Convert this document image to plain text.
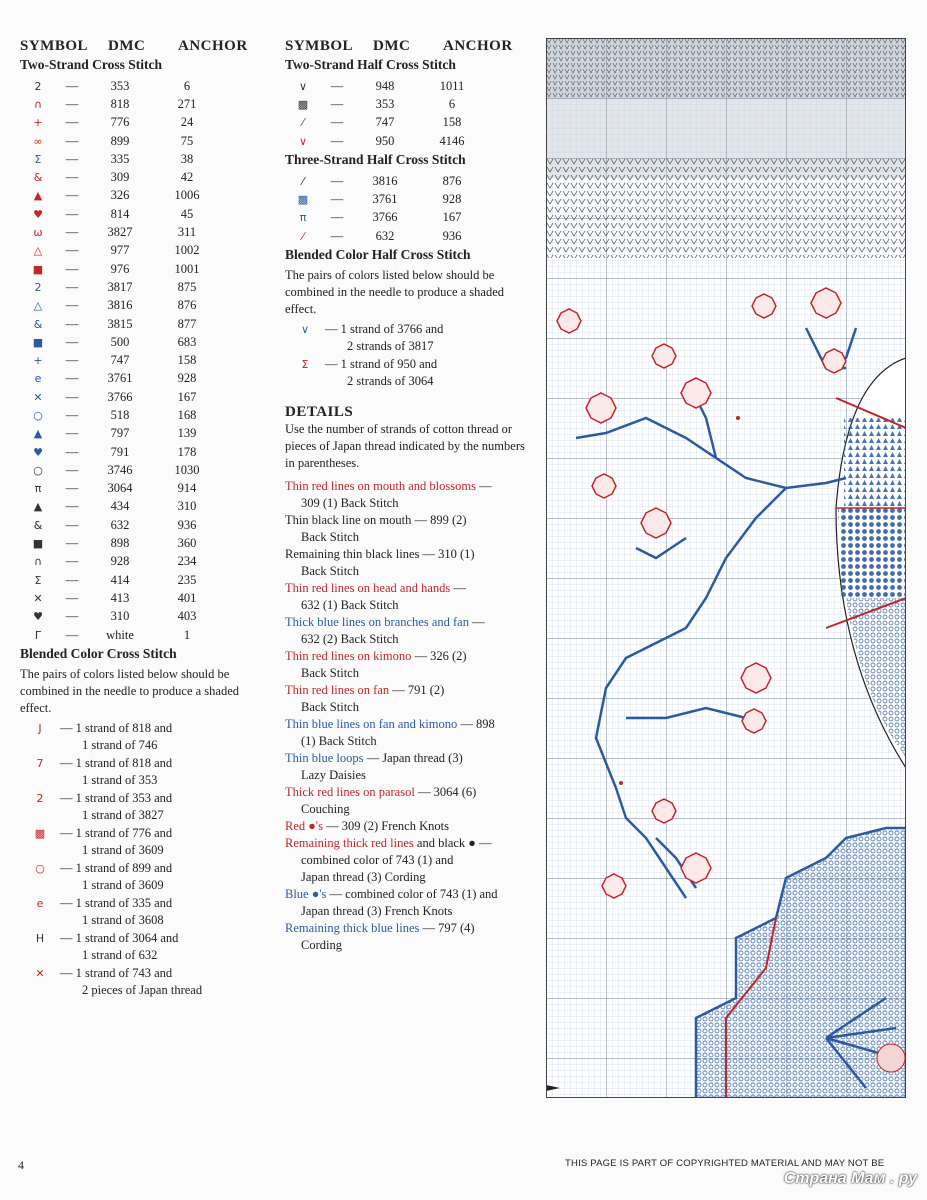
SYMBOL	DMC	ANCHOR
Two-Strand Cross Stitch
2	—	353	6
∩	—	818	271
+	—	776	24
∞	—	899	75
Σ	—	335	38
&	—	309	42
▲	—	326	1006
♥	—	814	45
ω	—	3827	311
△	—	977	1002
■	—	976	1001
2	—	3817	875
△	—	3816	876
&	—	3815	877
■	—	500	683
+	—	747	158
e	—	3761	928
✕	—	3766	167
○	—	518	168
▲	—	797	139
♥	—	791	178
○	—	3746	1030
π	—	3064	914
▲	—	434	310
&	—	632	936
■	—	898	360
∩	—	928	234
Σ	—	414	235
✕	—	413	401
♥	—	310	403
Γ	—	white	1
Blended Color Cross Stitch
The pairs of colors listed below should be combined in the needle to produce a shaded effect.
J	— 1 strand of 818 and
1 strand of 746
7	— 1 strand of 818 and
1 strand of 353
2	— 1 strand of 353 and
1 strand of 3827
▩	— 1 strand of 776 and
1 strand of 3609
○	— 1 strand of 899 and
1 strand of 3609
e	— 1 strand of 335 and
1 strand of 3608
H	— 1 strand of 3064 and
1 strand of 632
✕	— 1 strand of 743 and
2 pieces of Japan thread
SYMBOL	DMC	ANCHOR
Two-Strand Half Cross Stitch
∨	—	948	1011
▩	—	353	6
⁄	—	747	158
∨	—	950	4146
Three-Strand Half Cross Stitch
⁄	—	3816	876
▩	—	3761	928
π	—	3766	167
⁄	—	632	936
Blended Color Half Cross Stitch
The pairs of colors listed below should be combined in the needle to produce a shaded effect.
∨	— 1 strand of 3766 and
2 strands of 3817
Σ	— 1 strand of 950 and
2 strands of 3064
DETAILS
Use the number of strands of cotton thread or pieces of Japan thread indicated by the numbers in parentheses.
Thin red lines on mouth and blossoms —
309 (1) Back Stitch
Thin black line on mouth — 899 (2)
Back Stitch
Remaining thin black lines — 310 (1)
Back Stitch
Thin red lines on head and hands —
632 (1) Back Stitch
Thick blue lines on branches and fan —
632 (2) Back Stitch
Thin red lines on kimono — 326 (2)
Back Stitch
Thin red lines on fan — 791 (2)
Back Stitch
Thin blue lines on fan and kimono — 898
(1) Back Stitch
Thin blue loops — Japan thread (3)
Lazy Daisies
Thick red lines on parasol — 3064 (6)
Couching
Red ●'s — 309 (2) French Knots
Remaining thick red lines and black ● —
combined color of 743 (1) and
Japan thread (3) Cording
Blue ●'s — combined color of 743 (1) and
Japan thread (3) French Knots
Remaining thick blue lines — 797 (4)
Cording
4	THIS PAGE IS PART OF COPYRIGHTED MATERIAL AND MAY NOT BE
Страна Мам . ру
